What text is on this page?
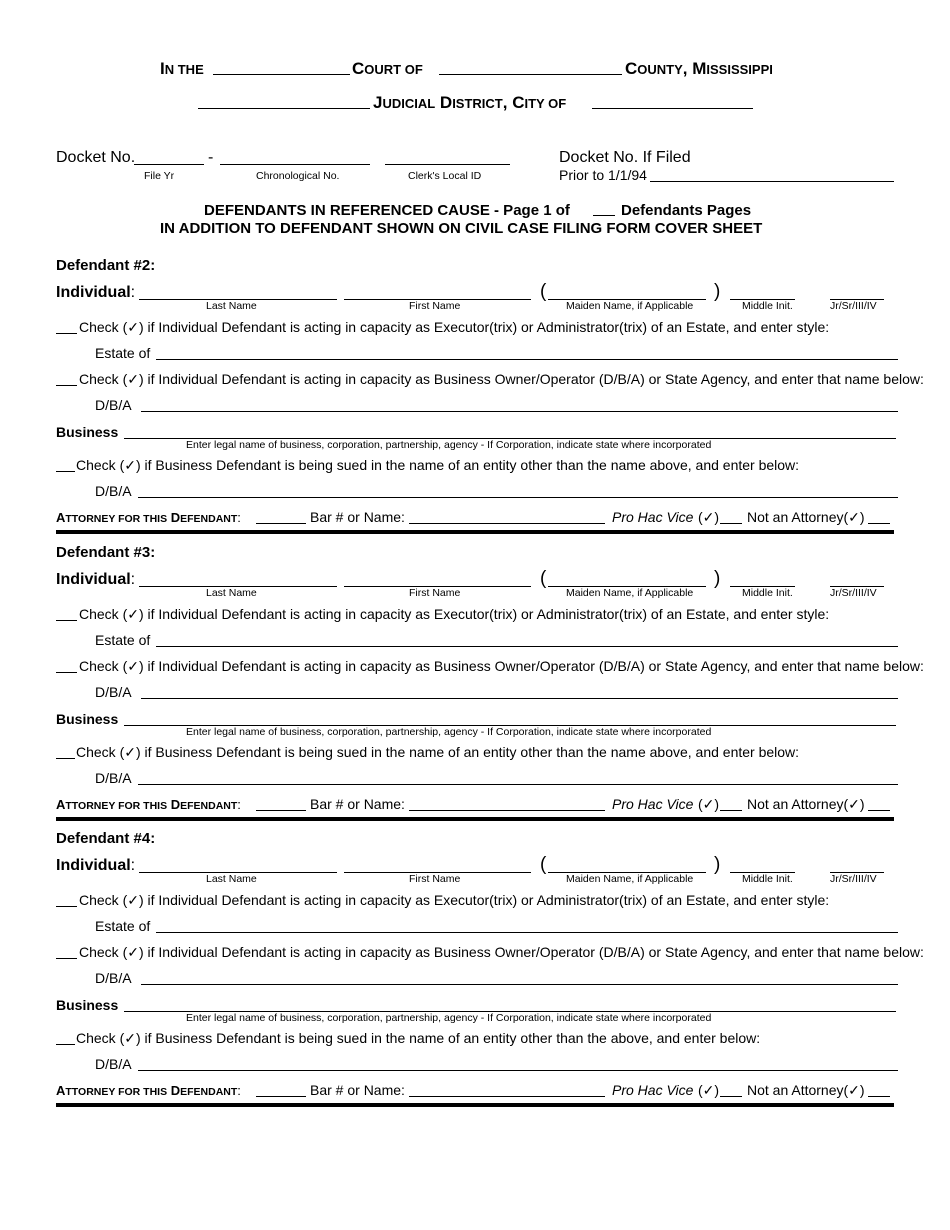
IN THE	COURT OF	COUNTY, MISSISSIPPI
JUDICIAL DISTRICT, CITY OF
Docket No.	-
File Yr	Chronological No.	Clerk's Local ID
Docket No. If Filed
Prior to 1/1/94
DEFENDANTS IN REFERENCED CAUSE - Page 1 of	Defendants Pages
IN ADDITION TO DEFENDANT SHOWN ON CIVIL CASE FILING FORM COVER SHEET
Defendant #2:
Individual:	(	)
Last Name	First Name	Maiden Name, if Applicable	Middle Init.	Jr/Sr/III/IV
Check (✓) if Individual Defendant is acting in capacity as Executor(trix) or Administrator(trix) of an Estate, and enter style:
Estate of
Check (✓) if Individual Defendant is acting in capacity as Business Owner/Operator (D/B/A) or State Agency, and enter that name below:
D/B/A
Business
Enter legal name of business, corporation, partnership, agency - If Corporation, indicate state where incorporated
Check (✓) if Business Defendant is being sued in the name of an entity other than the name above, and enter below:
D/B/A
ATTORNEY FOR THIS DEFENDANT:	Bar # or Name:	Pro Hac Vice (✓) Not an Attorney(✓)
Defendant #3:
Individual:	(	)
Last Name	First Name	Maiden Name, if Applicable	Middle Init.	Jr/Sr/III/IV
Check (✓) if Individual Defendant is acting in capacity as Executor(trix) or Administrator(trix) of an Estate, and enter style:
Estate of
Check (✓) if Individual Defendant is acting in capacity as Business Owner/Operator (D/B/A) or State Agency, and enter that name below:
D/B/A
Business
Enter legal name of business, corporation, partnership, agency - If Corporation, indicate state where incorporated
Check (✓) if Business Defendant is being sued in the name of an entity other than the name above, and enter below:
D/B/A
ATTORNEY FOR THIS DEFENDANT:	Bar # or Name:	Pro Hac Vice (✓) Not an Attorney(✓)
Defendant #4:
Individual:	(	)
Last Name	First Name	Maiden Name, if Applicable	Middle Init.	Jr/Sr/III/IV
Check (✓) if Individual Defendant is acting in capacity as Executor(trix) or Administrator(trix) of an Estate, and enter style:
Estate of
Check (✓) if Individual Defendant is acting in capacity as Business Owner/Operator (D/B/A) or State Agency, and enter that name below:
D/B/A
Business
Enter legal name of business, corporation, partnership, agency - If Corporation, indicate state where incorporated
Check (✓) if Business Defendant is being sued in the name of an entity other than the above, and enter below:
D/B/A
ATTORNEY FOR THIS DEFENDANT:	Bar # or Name:	Pro Hac Vice (✓) Not an Attorney(✓)
